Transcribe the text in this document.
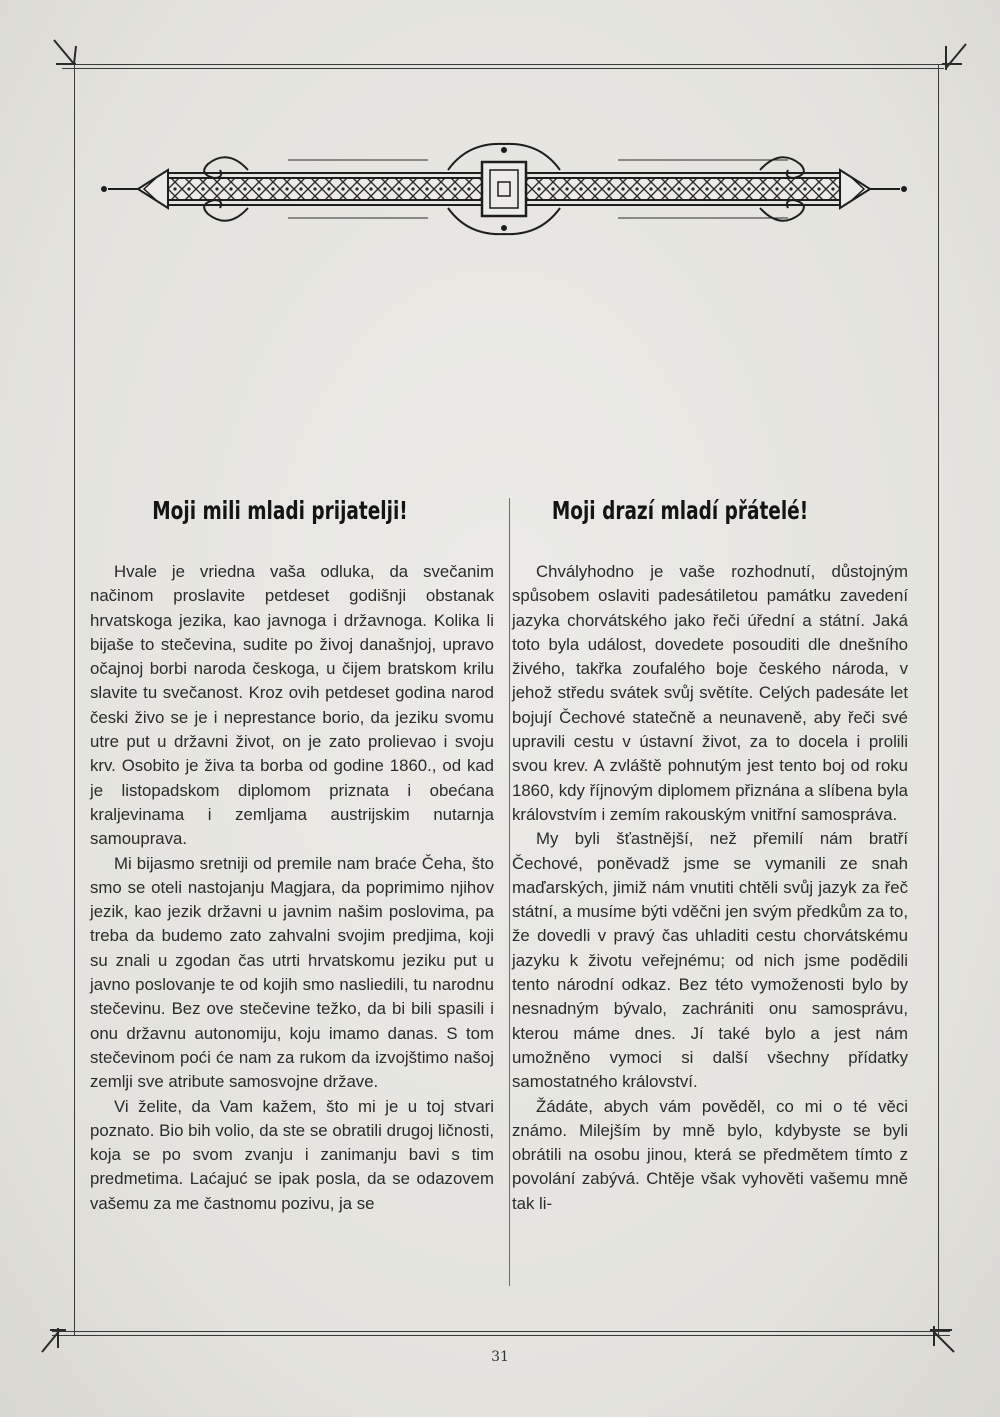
Moji mili mladi prijatelji!	Moji drazí mladí přátelé!

Hvale je vriedna vaša odluka, da svečanim načinom proslavite petdeset godišnji obstanak hrvatskoga jezika, kao javnoga i državnoga. Kolika li bijaše to stečevina, sudite po živoj današnjoj, upravo očajnoj borbi naroda českoga, u čijem bratskom krilu slavite tu svečanost. Kroz ovih petdeset godina narod česki živo se je i neprestance borio, da jeziku svomu utre put u državni život, on je zato prolievao i svoju krv. Osobito je živa ta borba od godine 1860., od kad je listopadskom diplomom priznata i obećana kraljevinama i zemljama austrijskim nutarnja samouprava.

Mi bijasmo sretniji od premile nam braće Čeha, što smo se oteli nastojanju Magjara, da poprimimo njihov jezik, kao jezik državni u javnim našim poslovima, pa treba da budemo zato zahvalni svojim predjima, koji su znali u zgodan čas utrti hrvatskomu jeziku put u javno poslovanje te od kojih smo nasliedili, tu narodnu stečevinu. Bez ove stečevine težko, da bi bili spasili i onu državnu autonomiju, koju imamo danas. S tom stečevinom poći će nam za rukom da izvojštimo našoj zemlji sve atribute samosvojne države.

Vi želite, da Vam kažem, što mi je u toj stvari poznato. Bio bih volio, da ste se obratili drugoj ličnosti, koja se po svom zvanju i zanimanju bavi s tim predmetima. Laćajuć se ipak posla, da se odazovem vašemu za me častnomu pozivu, ja se

Chvályhodno je vaše rozhodnutí, důstojným spůsobem oslaviti padesátiletou památku zavedení jazyka chorvátského jako řeči úřední a státní. Jaká toto byla událost, dovedete posouditi dle dnešního živého, takřka zoufalého boje českého národa, v jehož středu svátek svůj světíte. Celých padesáte let bojují Čechové statečně a neunaveně, aby řeči své upravili cestu v ústavní život, za to docela i prolili svou krev. A zvláště pohnutým jest tento boj od roku 1860, kdy říjnovým diplomem přiznána a slíbena byla královstvím i zemím rakouským vnitřní samospráva.

My byli šťastnější, než přemilí nám bratří Čechové, poněvadž jsme se vymanili ze snah maďarských, jimiž nám vnutiti chtěli svůj jazyk za řeč státní, a musíme býti vděčni jen svým předkům za to, že dovedli v pravý čas uhladiti cestu chorvátskému jazyku k životu veřejnému; od nich jsme podědili tento národní odkaz. Bez této vymoženosti bylo by nesnadným bývalo, zachrániti onu samosprávu, kterou máme dnes. Jí také bylo a jest nám umožněno vymoci si další všechny přídatky samostatného království.

Žádáte, abych vám pověděl, co mi o té věci známo. Milejším by mně bylo, kdybyste se byli obrátili na osobu jinou, která se předmětem tímto z povolání zabývá. Chtěje však vyhověti vašemu mně tak li-

31
